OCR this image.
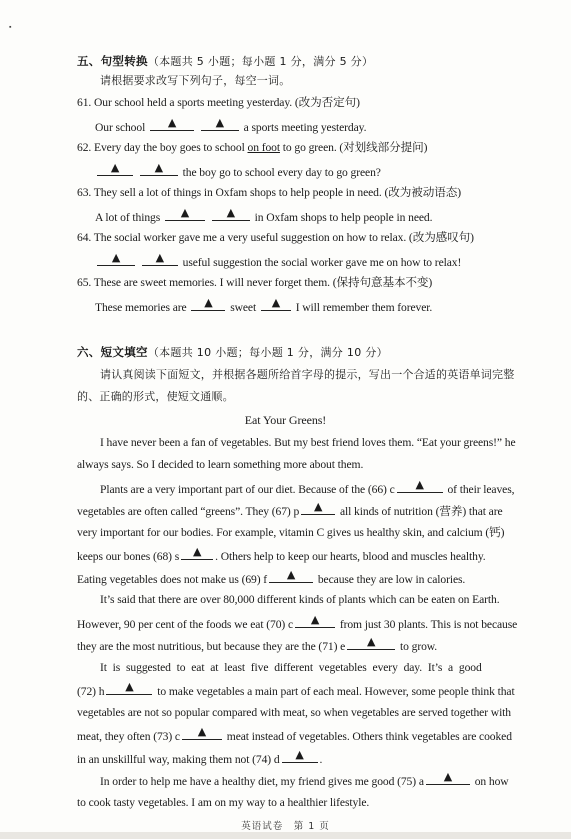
▪
五、句型转换（本题共 5 小题；每小题 1 分，满分 5 分）
请根据要求改写下列句子，每空一词。
61. Our school held a sports meeting yesterday. (改为否定句)
Our school ▲
	▲ a sports meeting yesterday.
62. Every day the boy goes to school on foot to go green. (对划线部分提问)
▲
	▲ the boy go to school every day to go green?
63. They sell a lot of things in Oxfam shops to help people in need. (改为被动语态)
A lot of things ▲
	▲ in Oxfam shops to help people in need.
64. The social worker gave me a very useful suggestion on how to relax. (改为感叹句)
▲
	▲ useful suggestion the social worker gave me on how to relax!
65. These are sweet memories. I will never forget them. (保持句意基本不变)
These memories are ▲ sweet ▲ I will remember them forever.
六、短文填空（本题共 10 小题；每小题 1 分，满分 10 分）
请认真阅读下面短文，并根据各题所给首字母的提示，写出一个合适的英语单词完整
的、正确的形式，使短文通顺。
Eat Your Greens!
I have never been a fan of vegetables. But my best friend loves them. “Eat your greens!” he
always says. So I decided to learn something more about them.
Plants are a very important part of our diet. Because of the (66) c ▲ of their leaves,
vegetables are often called “greens”. They (67) p ▲ all kinds of nutrition (营养) that are
very important for our bodies. For example, vitamin C gives us healthy skin, and calcium (钙)
keeps our bones (68) s ▲ . Others help to keep our hearts, blood and muscles healthy.
Eating vegetables does not make us (69) f ▲ because they are low in calories.
It’s said that there are over 80,000 different kinds of plants which can be eaten on Earth.
However, 90 per cent of the foods we eat (70) c ▲ from just 30 plants. This is not because
they are the most nutritious, but because they are the (71) e ▲ to grow.
It is suggested to eat at least five different vegetables every day. It’s a good
(72) h ▲ to make vegetables a main part of each meal. However, some people think that
vegetables are not so popular compared with meat, so when vegetables are served together with
meat, they often (73) c ▲ meat instead of vegetables. Others think vegetables are cooked
in an unskillful way, making them not (74) d ▲ .
In order to help me have a healthy diet, my friend gives me good (75) a ▲ on how
to cook tasty vegetables. I am on my way to a healthier lifestyle.
英语试卷　第 1 页
